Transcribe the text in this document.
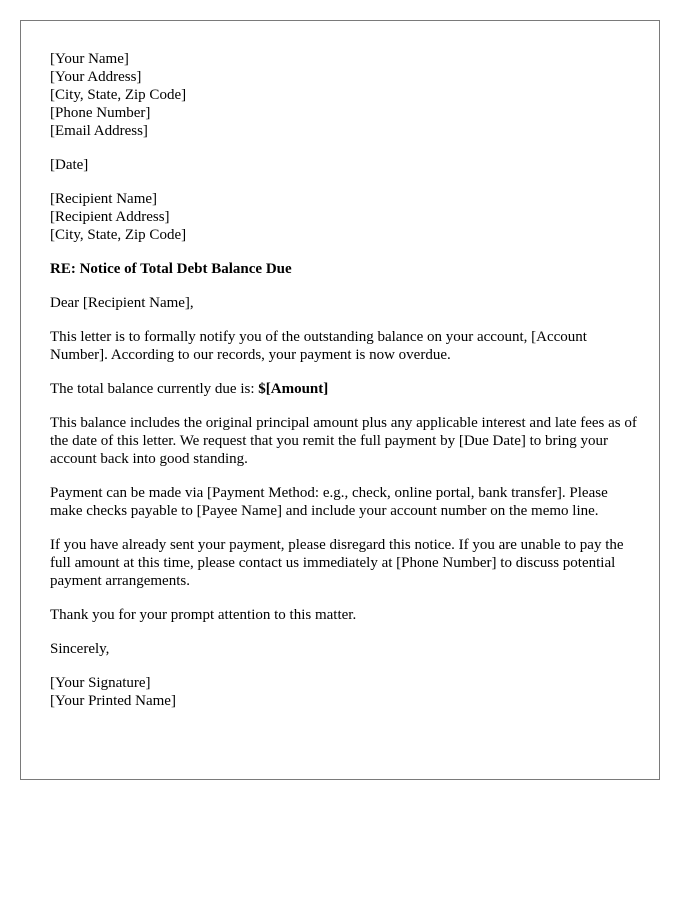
[Your Name]
[Your Address]
[City, State, Zip Code]
[Phone Number]
[Email Address]
[Date]
[Recipient Name]
[Recipient Address]
[City, State, Zip Code]

RE: Notice of Total Debt Balance Due

Dear [Recipient Name],

This letter is to formally notify you of the outstanding balance on your account, [Account Number]. According to our records, your payment is now overdue.

The total balance currently due is: $[Amount]

This balance includes the original principal amount plus any applicable interest and late fees as of the date of this letter. We request that you remit the full payment by [Due Date] to bring your account back into good standing.

Payment can be made via [Payment Method: e.g., check, online portal, bank transfer]. Please make checks payable to [Payee Name] and include your account number on the memo line.

If you have already sent your payment, please disregard this notice. If you are unable to pay the full amount at this time, please contact us immediately at [Phone Number] to discuss potential payment arrangements.

Thank you for your prompt attention to this matter.

Sincerely,

[Your Signature]
[Your Printed Name]
